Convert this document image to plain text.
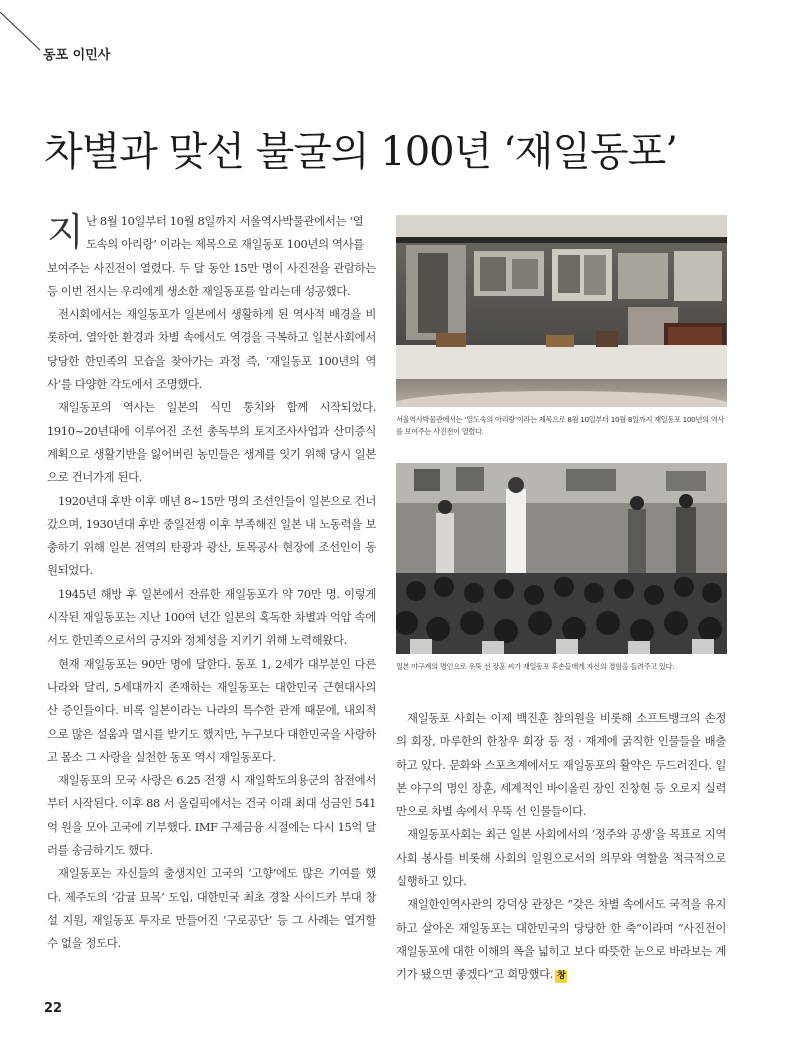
동포 이민사
차별과 맞선 불굴의 100년 ‘재일동포’
지 난 8월 10일부터 10월 8일까지 서울역사박물관에서는 ‘열
도속의 아리랑’ 이라는 제목으로 재일동포 100년의 역사를

보여주는 사진전이 열렸다. 두 달 동안 15만 명이 사진전을 관람하는 등 이번 전시는 우리에게 생소한 재일동포를 알리는데 성공했다.

전시회에서는 재일동포가 일본에서 생활하게 된 역사적 배경을 비롯하여, 열악한 환경과 차별 속에서도 역경을 극복하고 일본사회에서 당당한 한민족의 모습을 찾아가는 과정 즉, ‘재일동포 100년의 역사’를 다양한 각도에서 조명했다.

재일동포의 역사는 일본의 식민 통치와 함께 시작되었다. 1910~20년대에 이루어진 조선 총독부의 토지조사사업과 산미증식계획으로 생활기반을 잃어버린 농민들은 생계를 잇기 위해 당시 일본으로 건너가게 된다.

1920년대 후반 이후 매년 8~15만 명의 조선인들이 일본으로 건너갔으며, 1930년대 후반 중일전쟁 이후 부족해진 일본 내 노동력을 보충하기 위해 일본 전역의 탄광과 광산, 토목공사 현장에 조선인이 동원되었다.

1945년 해방 후 일본에서 잔류한 재일동포가 약 70만 명. 이렇게 시작된 재일동포는 지난 100여 년간 일본의 혹독한 차별과 억압 속에서도 한민족으로서의 긍지와 정체성을 지키기 위해 노력해왔다.

현재 재일동포는 90만 명에 달한다. 동포 1, 2세가 대부분인 다른 나라와 달리, 5세대까지 존재하는 재일동포는 대한민국 근현대사의 산 증인들이다. 비록 일본이라는 나라의 특수한 관계 때문에, 내외적으로 많은 설움과 멸시를 받기도 했지만, 누구보다 대한민국을 사랑하고 몸소 그 사랑을 실천한 동포 역시 재일동포다.

재일동포의 모국 사랑은 6.25 전쟁 시 재일학도의용군의 참전에서부터 시작된다. 이후 88 서 올림픽에서는 건국 이래 최대 성금인 541억 원을 모아 고국에 기부했다. IMF 구제금융 시절에는 다시 15억 달러를 송금하기도 했다.

재일동포는 자신들의 출생지인 고국의 ‘고향’에도 많은 기여를 했다. 제주도의 ‘감귤 묘목’ 도입, 대한민국 최초 경찰 사이드카 부대 창설 지원, 재일동포 투자로 만들어진 ‘구로공단’ 등 그 사례는 열거할 수 없을 정도다.

서울역사박물관에서는 ‘열도속의 아리랑’이라는 제목으로 8월 10일부터 10월 8일까지 재일동포 100년의 역사를 보여주는 사진전이 열렸다.
일본 야구계의 명인으로 우뚝 선 장훈 씨가 재일동포 후손들에게 자신의 경험을 들려주고 있다.

재일동포 사회는 이제 백진훈 참의원을 비롯해 소프트뱅크의 손정의 회장, 마루한의 한창우 회장 등 정 · 재계에 굵직한 인물들을 배출하고 있다. 문화와 스포츠계에서도 재일동포의 활약은 두드러진다. 일본 야구의 명인 장훈, 세계적인 바이올린 장인 진창현 등 오로지 실력만으로 차별 속에서 우뚝 선 인물들이다.

재일동포사회는 최근 일본 사회에서의 ‘정주와 공생’을 목표로 지역 사회 봉사를 비롯해 사회의 일원으로서의 의무와 역할을 적극적으로 실행하고 있다.

재일한인역사관의 강덕상 관장은 “갖은 차별 속에서도 국적을 유지하고 살아온 재일동포는 대한민국의 당당한 한 축”이라며 “사진전이 재일동포에 대한 이해의 폭을 넓히고 보다 따뜻한 눈으로 바라보는 계기가 됐으면 좋겠다”고 희망했다. 창

22
